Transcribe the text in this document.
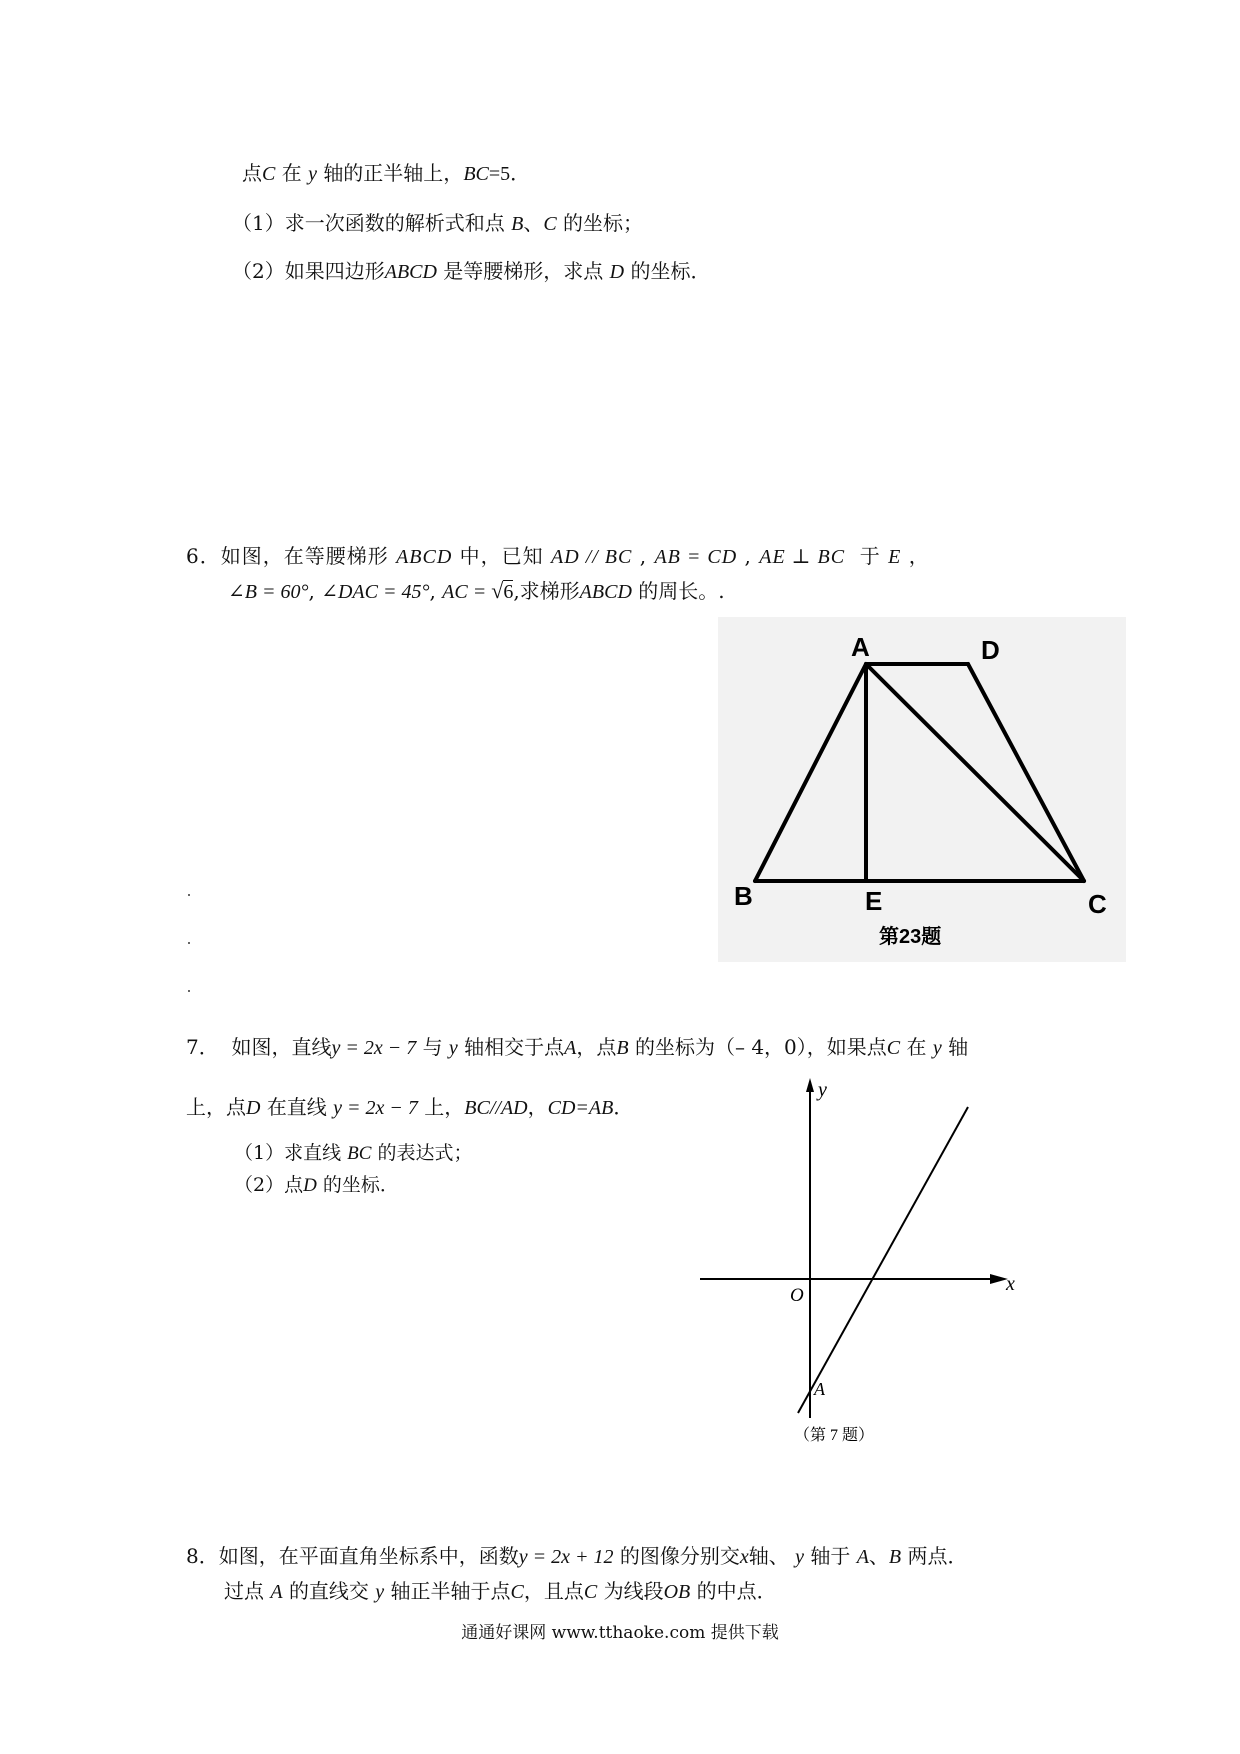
点C 在 y 轴的正半轴上，BC=5．
（1）求一次函数的解析式和点 B、C 的坐标；
（2）如果四边形ABCD 是等腰梯形，求点 D 的坐标．
6．如图，在等腰梯形 ABCD 中，已知 AD // BC , AB = CD , AE ⊥ BC 于 E ，
∠B = 60°, ∠DAC = 45°, AC = √6,求梯形ABCD 的周长。.
A	D
B	E	C
第23题
7． 如图，直线y = 2x − 7 与 y 轴相交于点A，点B 的坐标为（– 4，0），如果点C 在 y 轴
上，点D 在直线 y = 2x − 7 上，BC//AD，CD=AB．
（1）求直线 BC 的表达式；
（2）点D 的坐标．
y
x
O
A
（第 7 题）
8．如图，在平面直角坐标系中，函数y = 2x + 12 的图像分别交x轴、 y 轴于 A、B 两点．
过点 A 的直线交 y 轴正半轴于点C，且点C 为线段OB 的中点．
通通好课网 www.tthaoke.com 提供下载
